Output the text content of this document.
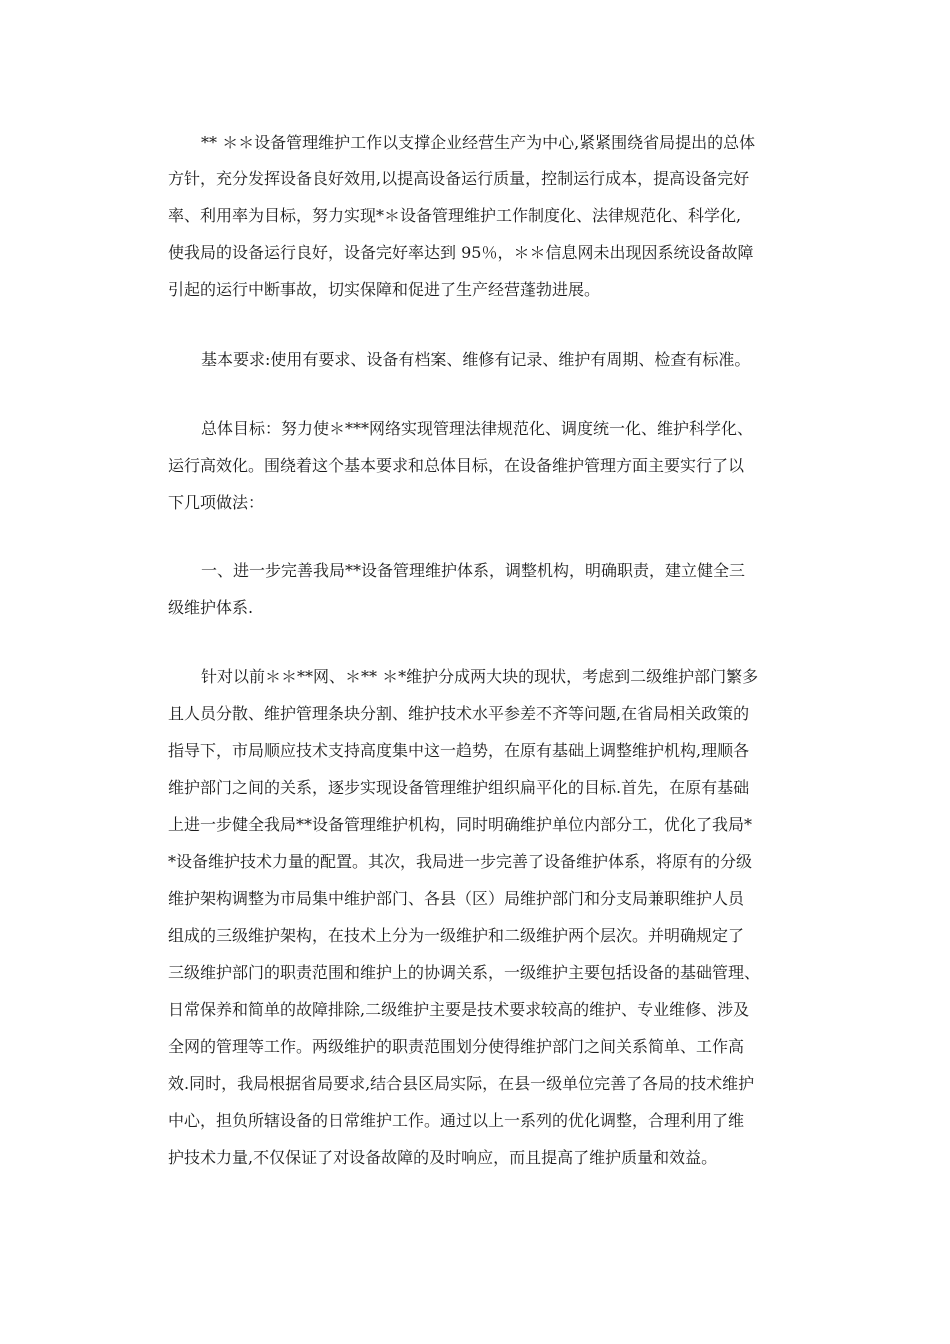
** ＊＊设备管理维护工作以支撑企业经营生产为中心,紧紧围绕省局提出的总体
方针，充分发挥设备良好效用,以提高设备运行质量，控制运行成本，提高设备完好
率、利用率为目标，努力实现*＊设备管理维护工作制度化、法律规范化、科学化,
使我局的设备运行良好，设备完好率达到 95％，＊＊信息网未出现因系统设备故障
引起的运行中断事故，切实保障和促进了生产经营蓬勃进展。
基本要求:使用有要求、设备有档案、维修有记录、维护有周期、检查有标准。
总体目标：努力使＊***网络实现管理法律规范化、调度统一化、维护科学化、
运行高效化。围绕着这个基本要求和总体目标，在设备维护管理方面主要实行了以
下几项做法：
一、进一步完善我局**设备管理维护体系，调整机构，明确职责，建立健全三
级维护体系.
针对以前＊＊**网、＊** ＊*维护分成两大块的现状，考虑到二级维护部门繁多
且人员分散、维护管理条块分割、维护技术水平参差不齐等问题,在省局相关政策的
指导下，市局顺应技术支持高度集中这一趋势，在原有基础上调整维护机构,理顺各
维护部门之间的关系，逐步实现设备管理维护组织扁平化的目标.首先，在原有基础
上进一步健全我局**设备管理维护机构，同时明确维护单位内部分工，优化了我局*
*设备维护技术力量的配置。其次，我局进一步完善了设备维护体系，将原有的分级
维护架构调整为市局集中维护部门、各县（区）局维护部门和分支局兼职维护人员
组成的三级维护架构，在技术上分为一级维护和二级维护两个层次。并明确规定了
三级维护部门的职责范围和维护上的协调关系，一级维护主要包括设备的基础管理、
日常保养和简单的故障排除,二级维护主要是技术要求较高的维护、专业维修、涉及
全网的管理等工作。两级维护的职责范围划分使得维护部门之间关系简单、工作高
效.同时，我局根据省局要求,结合县区局实际，在县一级单位完善了各局的技术维护
中心，担负所辖设备的日常维护工作。通过以上一系列的优化调整，合理利用了维
护技术力量,不仅保证了对设备故障的及时响应，而且提高了维护质量和效益。
